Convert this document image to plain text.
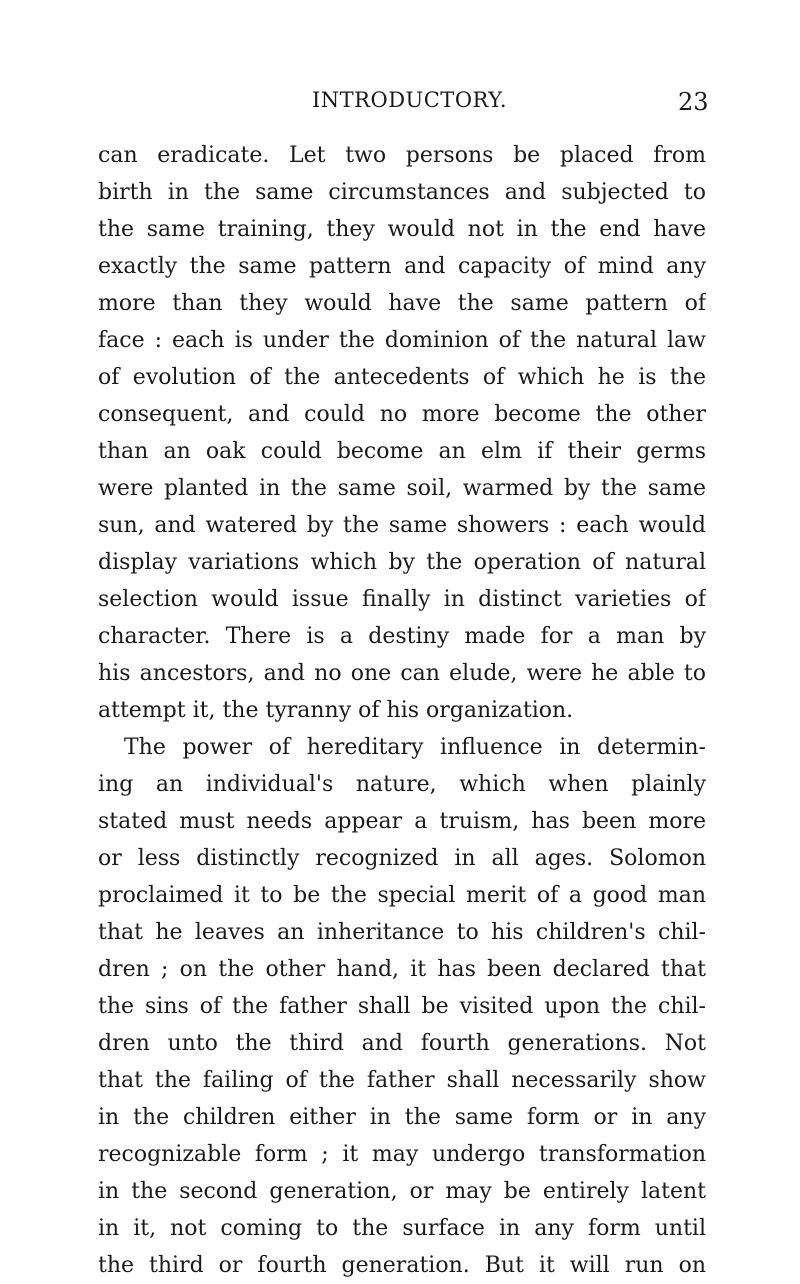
INTRODUCTORY.	23
can eradicate. Let two persons be placed from
birth in the same circumstances and subjected to
the same training, they would not in the end have
exactly the same pattern and capacity of mind any
more than they would have the same pattern of
face : each is under the dominion of the natural law
of evolution of the antecedents of which he is the
consequent, and could no more become the other
than an oak could become an elm if their germs
were planted in the same soil, warmed by the same
sun, and watered by the same showers : each would
display variations which by the operation of natural
selection would issue finally in distinct varieties of
character. There is a destiny made for a man by
his ancestors, and no one can elude, were he able to
attempt it, the tyranny of his organization.
The power of hereditary influence in determin-
ing an individual's nature, which when plainly
stated must needs appear a truism, has been more
or less distinctly recognized in all ages. Solomon
proclaimed it to be the special merit of a good man
that he leaves an inheritance to his children's chil-
dren ; on the other hand, it has been declared that
the sins of the father shall be visited upon the chil-
dren unto the third and fourth generations. Not
that the failing of the father shall necessarily show
in the children either in the same form or in any
recognizable form ; it may undergo transformation
in the second generation, or may be entirely latent
in it, not coming to the surface in any form until
the third or fourth generation. But it will run on
